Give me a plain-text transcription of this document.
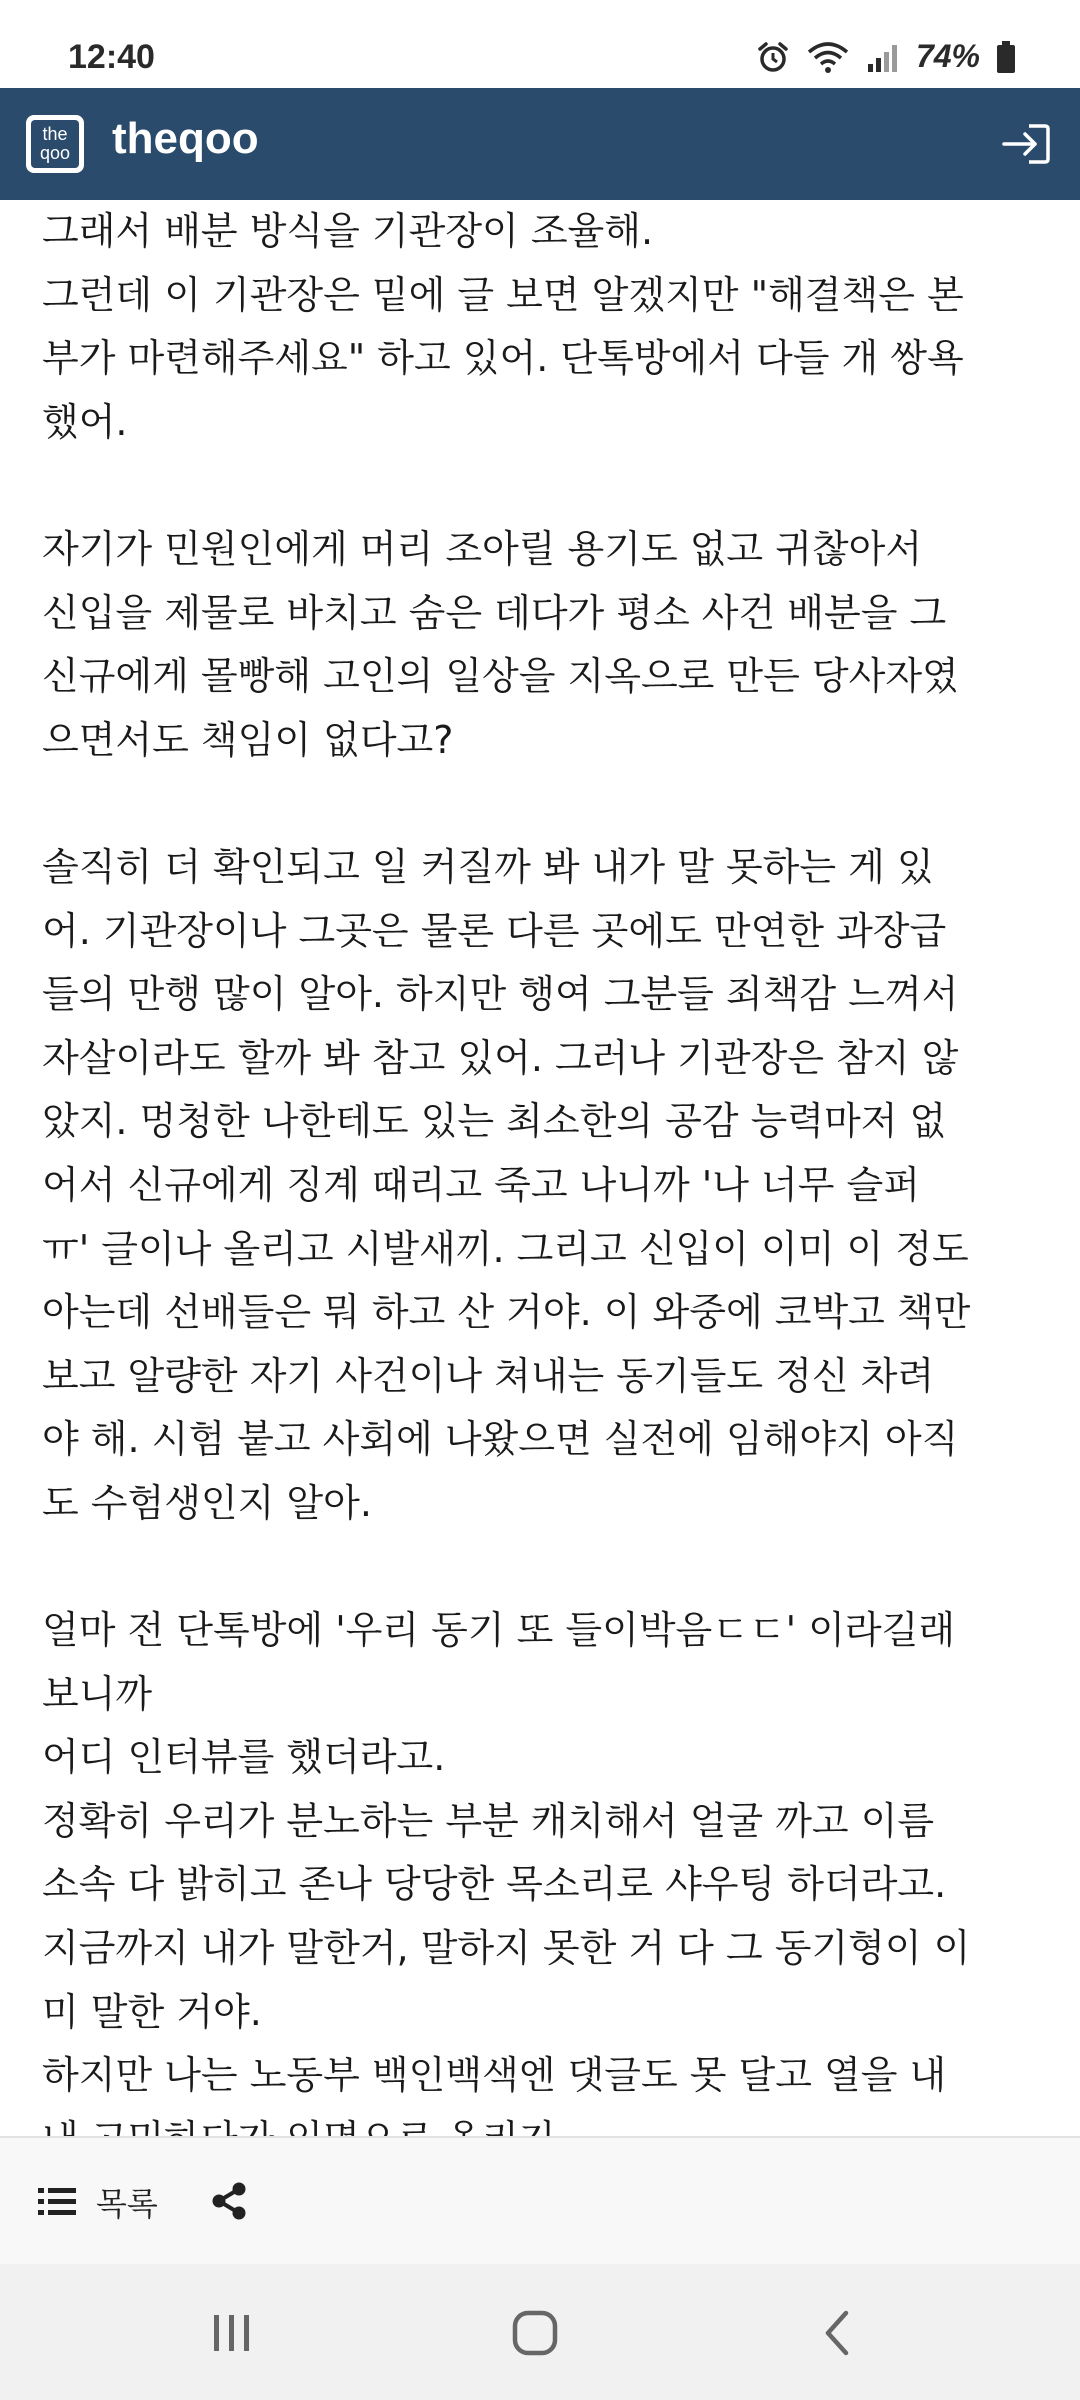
12:40	74%
the
qoo theqoo
그래서 배분 방식을 기관장이 조율해.
그런데 이 기관장은 밑에 글 보면 알겠지만 "해결책은 본
부가 마련해주세요" 하고 있어. 단톡방에서 다들 개 쌍욕
했어.
자기가 민원인에게 머리 조아릴 용기도 없고 귀찮아서
신입을 제물로 바치고 숨은 데다가 평소 사건 배분을 그
신규에게 몰빵해 고인의 일상을 지옥으로 만든 당사자였
으면서도 책임이 없다고?
솔직히 더 확인되고 일 커질까 봐 내가 말 못하는 게 있
어. 기관장이나 그곳은 물론 다른 곳에도 만연한 과장급
들의 만행 많이 알아. 하지만 행여 그분들 죄책감 느껴서
자살이라도 할까 봐 참고 있어. 그러나 기관장은 참지 않
았지. 멍청한 나한테도 있는 최소한의 공감 능력마저 없
어서 신규에게 징계 때리고 죽고 나니까 '나 너무 슬퍼
ㅠ' 글이나 올리고 시발새끼. 그리고 신입이 이미 이 정도
아는데 선배들은 뭐 하고 산 거야. 이 와중에 코박고 책만
보고 알량한 자기 사건이나 쳐내는 동기들도 정신 차려
야 해. 시험 붙고 사회에 나왔으면 실전에 임해야지 아직
도 수험생인지 알아.
얼마 전 단톡방에 '우리 동기 또 들이박음ㄷㄷ' 이라길래
보니까
어디 인터뷰를 했더라고.
정확히 우리가 분노하는 부분 캐치해서 얼굴 까고 이름
소속 다 밝히고 존나 당당한 목소리로 샤우팅 하더라고.
지금까지 내가 말한거, 말하지 못한 거 다 그 동기형이 이
미 말한 거야.
하지만 나는 노동부 백인백색엔 댓글도 못 달고 열을 내
목록
